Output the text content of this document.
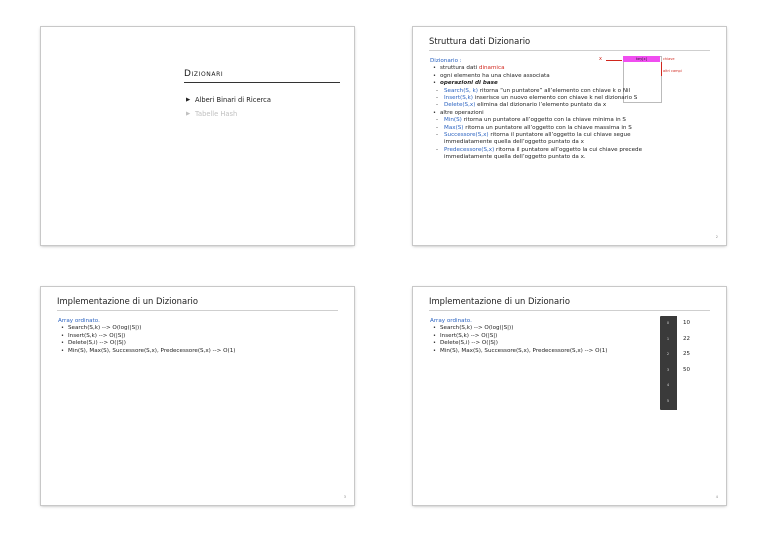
Dizionari
▶ Alberi Binari di Ricerca
▶ Tabelle Hash
Struttura dati Dizionario
x	key[x]	chiave
altri campi
Dizionario :
• struttura dati dinamica
• ogni elemento ha una chiave associata
• operazioni di base
- Search(S, k) ritorna “un puntatore” all’elemento con chiave k o Nil
- Insert(S,k) inserisce un nuovo elemento con chiave k nel dizionario S
- Delete(S,x) elimina dal dizionario l’elemento puntato da x
• altre operazioni
- Min(S) ritorna un puntatore all’oggetto con la chiave minima in S
- Max(S) ritorna un puntatore all’oggetto con la chiave massima in S
- Successore(S,x) ritorna il puntatore all’oggetto la cui chiave segue
immediatamente quella dell’oggetto puntato da x
- Predecessore(S,x) ritorna il puntatore all’oggetto la cui chiave precede
immediatamente quella dell’oggetto puntato da x.
2
Implementazione di un Dizionario
Array ordinato.
• Search(S,k) --> O(log(|S|))
• Insert(S,k) --> O(|S|)
• Delete(S,i) --> O(|S|)
• Min(S), Max(S), Successore(S,x), Predecessore(S,x) --> O(1)
3
Implementazione di un Dizionario
Array ordinato.
• Search(S,k) --> O(log(|S|))
• Insert(S,k) --> O(|S|)
• Delete(S,i) --> O(|S|)
• Min(S), Max(S), Successore(S,x), Predecessore(S,x) --> O(1)
0	10
1	22
2	25
3	50
4
5
4
